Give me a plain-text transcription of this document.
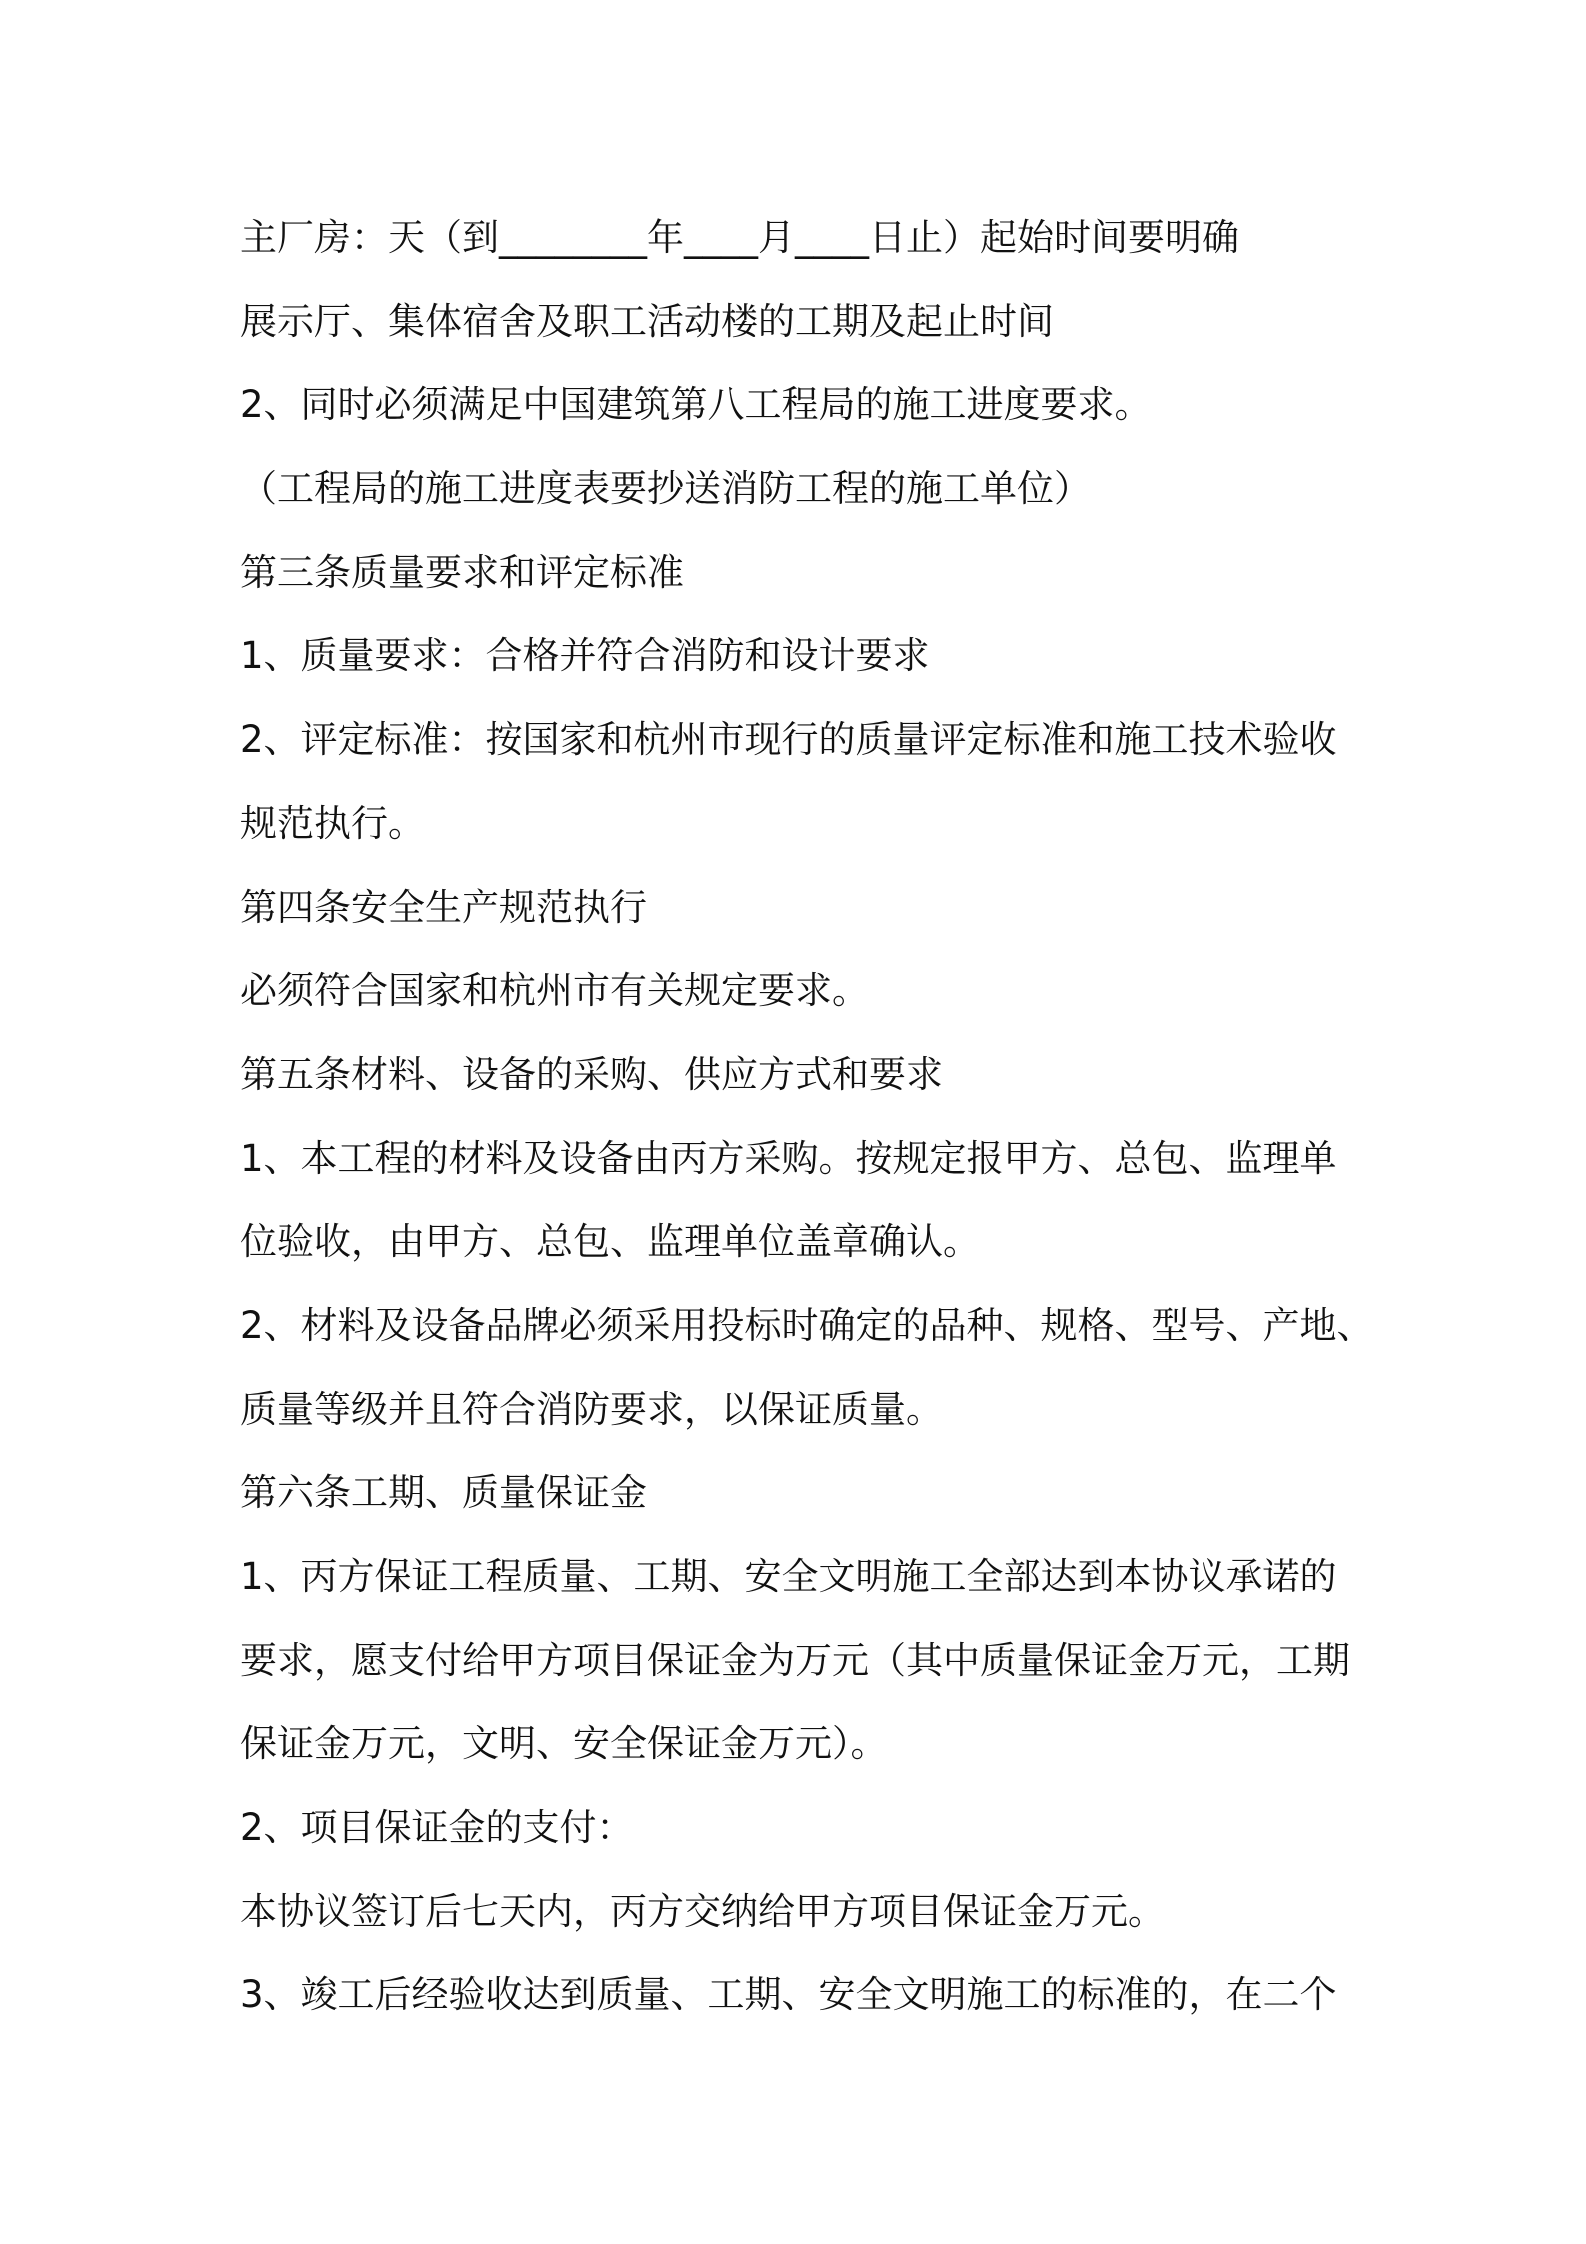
主厂房：天（到________年____月____日止）起始时间要明确
展示厅、集体宿舍及职工活动楼的工期及起止时间
2、同时必须满足中国建筑第八工程局的施工进度要求。
（工程局的施工进度表要抄送消防工程的施工单位）
第三条质量要求和评定标准
1、质量要求：合格并符合消防和设计要求
2、评定标准：按国家和杭州市现行的质量评定标准和施工技术验收
规范执行。
第四条安全生产规范执行
必须符合国家和杭州市有关规定要求。
第五条材料、设备的采购、供应方式和要求
1、本工程的材料及设备由丙方采购。按规定报甲方、总包、监理单
位验收，由甲方、总包、监理单位盖章确认。
2、材料及设备品牌必须采用投标时确定的品种、规格、型号、产地、
质量等级并且符合消防要求，以保证质量。
第六条工期、质量保证金
1、丙方保证工程质量、工期、安全文明施工全部达到本协议承诺的
要求，愿支付给甲方项目保证金为万元（其中质量保证金万元，工期
保证金万元，文明、安全保证金万元）。
2、项目保证金的支付：
本协议签订后七天内，丙方交纳给甲方项目保证金万元。
3、竣工后经验收达到质量、工期、安全文明施工的标准的，在二个
